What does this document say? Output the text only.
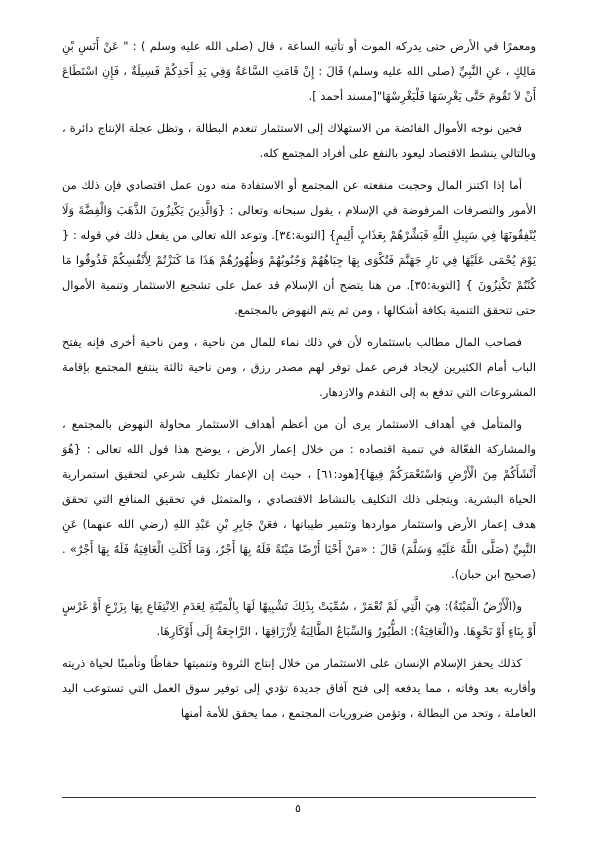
ومعمرًا في الأرض حتى يدركه الموت أو تأتيه الساعة ، قال (صلى الله عليه وسلم ) : " عَنْ أَنَسِ بْنِ مَالِكٍ ، عَنِ النَّبِيِّ (صلى الله عليه وسلم) قَالَ : إِنْ قَامَتِ السَّاعَةُ وَفِي يَدِ أَحَدِكُمْ فَسِيلَةٌ ، فَإِنِ اسْتَطَاعَ أَنْ لاَ تَقُومَ حَتَّى يَغْرِسَهَا فَلْيَغْرِسْهَا"[مسند أحمد ].

فحين نوجه الأموال الفائضة من الاستهلاك إلى الاستثمار تنعدم البطالة ، وتظل عجلة الإنتاج دائرة ، وبالتالي ينشط الاقتصاد ليعود بالنفع على أفراد المجتمع كله.

أما إذا اكتنز المال وحجبت منفعته عن المجتمع أو الاستفادة منه دون عمل اقتصادي فإن ذلك من الأمور والتصرفات المرفوضة في الإسلام ، يقول سبحانه وتعالى : {وَالَّذِينَ يَكْنِزُونَ الذَّهَبَ وَالْفِضَّةَ وَلَا يُنْفِقُونَهَا فِي سَبِيلِ اللَّهِ فَبَشِّرْهُمْ بِعَذَابٍ أَلِيمٍ} [التوبة:٣٤]. وتوعد الله تعالى من يفعل ذلك في قوله : { يَوْمَ يُحْمَى عَلَيْهَا فِي نَارِ جَهَنَّمَ فَتُكْوَى بِهَا جِبَاهُهُمْ وَجُنُوبُهُمْ وَظُهُورُهُمْ هَذَا مَا كَنَزْتُمْ لِأَنْفُسِكُمْ فَذُوقُوا مَا كُنْتُمْ تَكْنِزُونَ } [التوبة:٣٥]. من هنا يتضح أن الإسلام قد عمل على تشجيع الاستثمار وتنمية الأموال حتى تتحقق التنمية بكافة أشكالها ، ومن ثم يتم النهوض بالمجتمع.

فصاحب المال مطالب باستثماره لأن في ذلك نماء للمال من ناحية ، ومن ناحية أخرى فإنه يفتح الباب أمام الكثيرين لإيجاد فرص عمل توفر لهم مصدر رزق ، ومن ناحية ثالثة ينتفع المجتمع بإقامة المشروعات التي تدفع به إلى التقدم والازدهار.

والمتأمل في أهداف الاستثمار يرى أن من أعظم أهداف الاستثمار محاولة النهوض بالمجتمع ، والمشاركة الفعّالة في تنمية اقتصاده : من خلال إعمار الأرض ، يوضح هذا قول الله تعالى : {هُوَ أَنْشَأَكُمْ مِنَ الْأَرْضِ وَاسْتَعْمَرَكُمْ فِيهَا}[هود:٦١] ، حيث إن الإعمار تكليف شرعي لتحقيق استمرارية الحياة البشرية. ويتجلى ذلك التكليف بالنشاط الاقتصادي ، والمتمثل في تحقيق المنافع التي تحقق هدف إعمار الأرض واستثمار مواردها وتثمير طيباتها ، فعَنْ جَابِرِ بْنِ عَبْدِ اللهِ (رضي الله عنهما) عَنِ النَّبِيِّ (صَلَّى اللَّهُ عَلَيْهِ وَسَلَّمَ) قَالَ : «مَنْ أَحْيَا أَرْضًا مَيْتَةً فَلَهُ بِهَا أَجْرٌ، وَمَا أَكَلَتِ الْعَافِيَةُ فَلَهُ بِهَا أَجْرٌ» .(صحيح ابن حبان).

و(الْأَرْضُ الْمَيْتَةُ): هِيَ الَّتِي لَمْ تُعْمَرْ ، سُمِّيَتْ بِذَلِكَ تَشْبِيهًا لَهَا بِالْمَيْتَةِ لِعَدَمِ الِانْتِفَاعِ بِهَا بِزَرْعٍ أَوْ غَرْسٍ أَوْ بِنَاءٍ أَوْ نَحْوِهَا. و(الْعَافِيَةُ): الطُّيُورُ وَالسِّبَاعُ الطَّالِبَةُ لِأَرْزَاقِهَا ، الرَّاجِعَةُ إِلَى أَوْكَارِهَا.

كذلك يحفز الإسلام الإنسان على الاستثمار من خلال إنتاج الثروة وتنميتها حفاظًا وتأمينًا لحياة ذريته وأقاربه بعد وفاته ، مما يدفعه إلى فتح آفاق جديدة تؤدي إلى توفير سوق العمل التي تستوعب اليد العاملة ، وتحد من البطالة ، وتؤمن ضروريات المجتمع ، مما يحقق للأمة أمنها

٥
